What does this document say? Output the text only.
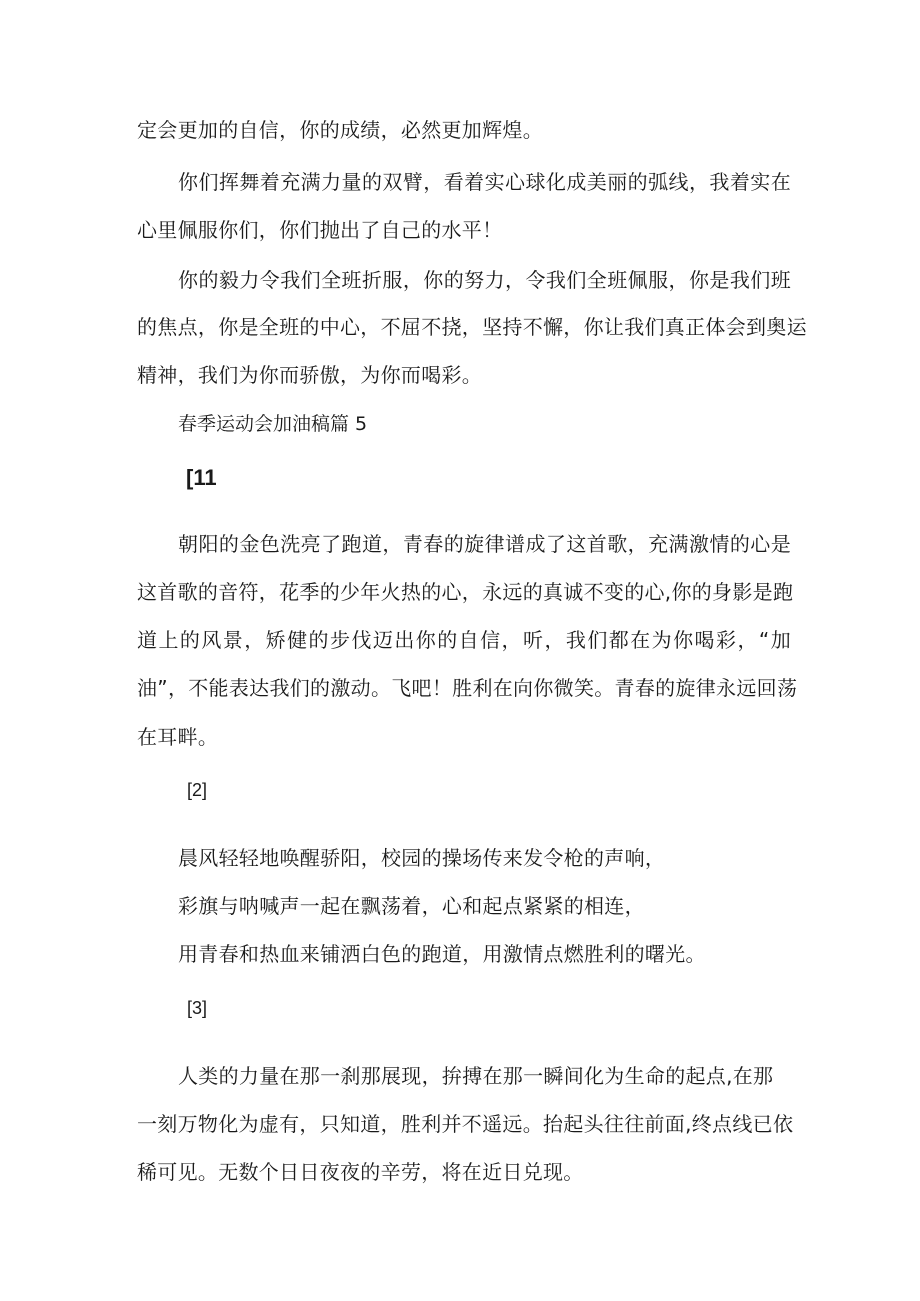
定会更加的自信，你的成绩，必然更加辉煌。
你们挥舞着充满力量的双臂，看着实心球化成美丽的弧线，我着实在
心里佩服你们，你们抛出了自己的水平！
你的毅力令我们全班折服，你的努力，令我们全班佩服，你是我们班
的焦点，你是全班的中心，不屈不挠，坚持不懈，你让我们真正体会到奥运
精神，我们为你而骄傲，为你而喝彩。
春季运动会加油稿篇 5
[11
朝阳的金色洗亮了跑道，青春的旋律谱成了这首歌，充满激情的心是
这首歌的音符，花季的少年火热的心，永远的真诚不变的心,你的身影是跑
道上的风景，矫健的步伐迈出你的自信，听，我们都在为你喝彩，“加
油”，不能表达我们的激动。飞吧！胜利在向你微笑。青春的旋律永远回荡
在耳畔。
[2]
晨风轻轻地唤醒骄阳，校园的操场传来发令枪的声响，
彩旗与呐喊声一起在飘荡着，心和起点紧紧的相连，
用青春和热血来铺洒白色的跑道，用激情点燃胜利的曙光。
[3]
人类的力量在那一刹那展现，拚搏在那一瞬间化为生命的起点,在那
一刻万物化为虚有，只知道，胜利并不遥远。抬起头往往前面,终点线已依
稀可见。无数个日日夜夜的辛劳，将在近日兑现。
